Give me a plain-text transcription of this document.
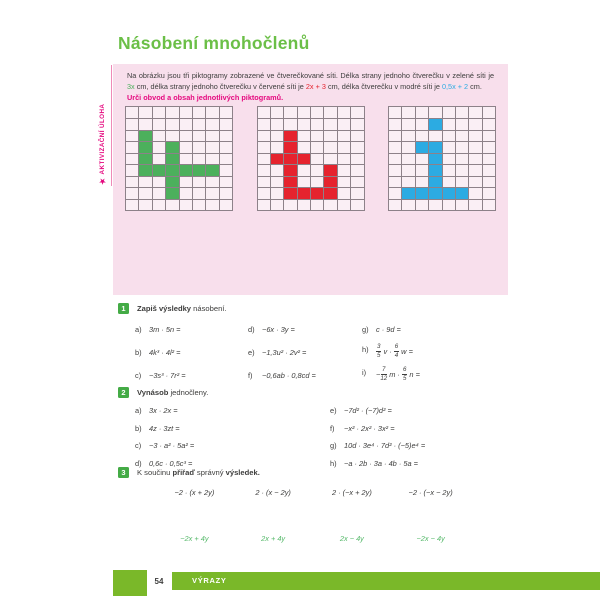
Násobení mnohočlenů
★ AKTIVIZAČNÍ ÚLOHA
Na obrázku jsou tři piktogramy zobrazené ve čtverečkované síti. Délka strany jednoho čtverečku v zelené síti je 3x cm, délka strany jednoho čtverečku v červené síti je 2x + 3 cm, délka čtverečku v modré síti je 0,5x + 2 cm.
Urči obvod a obsah jednotlivých piktogramů.
1	Zapiš výsledky násobení.
a)	3m · 5n =
b)	4k³ · 4l² =
c)	−3s³ · 7r² =
d)	−6x · 3y =
e)	−1,3u² · 2v² =
f)	−0,6ab · 0,8cd =
g)	c · 9d =
h)	$\frac{3}{5}$ $v \cdot \frac{6}{4}$ w =
i)	− $\frac{7}{12}$ $m \cdot \frac{6}{5}$ n =
2	Vynásob jednočleny.
a)	3x · 2x =
b)	4z · 3zt =
c)	−3 · a² · 5a² =
d)	0,6c · 0,5c³ =
e)	−7d² · (−7)d² =
f)	−x² · 2x² · 3x² =
g)	10d · 3e⁴ · 7d² · (−5)e⁴ =
h)	−a · 2b · 3a · 4b · 5a =
3	K součinu přiřaď správný výsledek.
−2 · (x + 2y)	2 · (x − 2y)	2 · (−x + 2y)	−2 · (−x − 2y)
−2x + 4y	2x + 4y	2x − 4y	−2x − 4y
54	VÝRAZY
